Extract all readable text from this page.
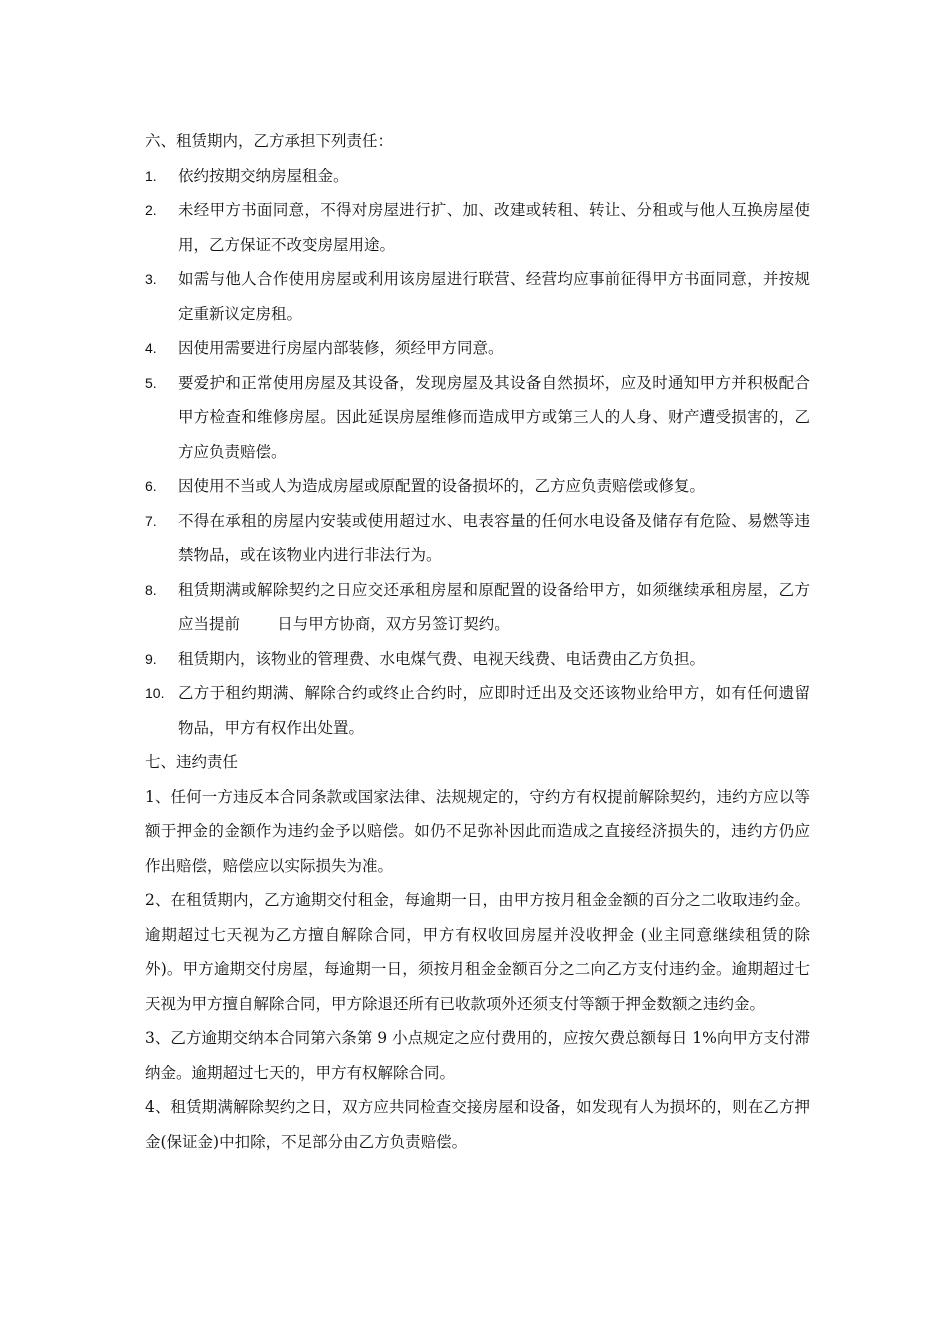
六、租赁期内，乙方承担下列责任：

1. 依约按期交纳房屋租金。
2. 未经甲方书面同意，不得对房屋进行扩、加、改建或转租、转让、分租或与他人互换房屋使用，乙方保证不改变房屋用途。
3. 如需与他人合作使用房屋或利用该房屋进行联营、经营均应事前征得甲方书面同意，并按规定重新议定房租。
4. 因使用需要进行房屋内部装修，须经甲方同意。
5. 要爱护和正常使用房屋及其设备，发现房屋及其设备自然损坏，应及时通知甲方并积极配合甲方检查和维修房屋。因此延误房屋维修而造成甲方或第三人的人身、财产遭受损害的，乙方应负责赔偿。
6. 因使用不当或人为造成房屋或原配置的设备损坏的，乙方应负责赔偿或修复。
7. 不得在承租的房屋内安装或使用超过水、电表容量的任何水电设备及储存有危险、易燃等违禁物品，或在该物业内进行非法行为。
8. 租赁期满或解除契约之日应交还承租房屋和原配置的设备给甲方，如须继续承租房屋，乙方应当提前 日与甲方协商，双方另签订契约。
9. 租赁期内，该物业的管理费、水电煤气费、电视天线费、电话费由乙方负担。
10. 乙方于租约期满、解除合约或终止合约时，应即时迁出及交还该物业给甲方，如有任何遗留物品，甲方有权作出处置。

七、违约责任

1、任何一方违反本合同条款或国家法律、法规规定的，守约方有权提前解除契约，违约方应以等额于押金的金额作为违约金予以赔偿。如仍不足弥补因此而造成之直接经济损失的，违约方仍应作出赔偿，赔偿应以实际损失为准。

2、在租赁期内，乙方逾期交付租金，每逾期一日，由甲方按月租金金额的百分之二收取违约金。逾期超过七天视为乙方擅自解除合同，甲方有权收回房屋并没收押金 (业主同意继续租赁的除外)。甲方逾期交付房屋，每逾期一日，须按月租金金额百分之二向乙方支付违约金。逾期超过七天视为甲方擅自解除合同，甲方除退还所有已收款项外还须支付等额于押金数额之违约金。

3、乙方逾期交纳本合同第六条第 9 小点规定之应付费用的，应按欠费总额每日 1%向甲方支付滞纳金。逾期超过七天的，甲方有权解除合同。

4、租赁期满解除契约之日，双方应共同检查交接房屋和设备，如发现有人为损坏的，则在乙方押金(保证金)中扣除，不足部分由乙方负责赔偿。
